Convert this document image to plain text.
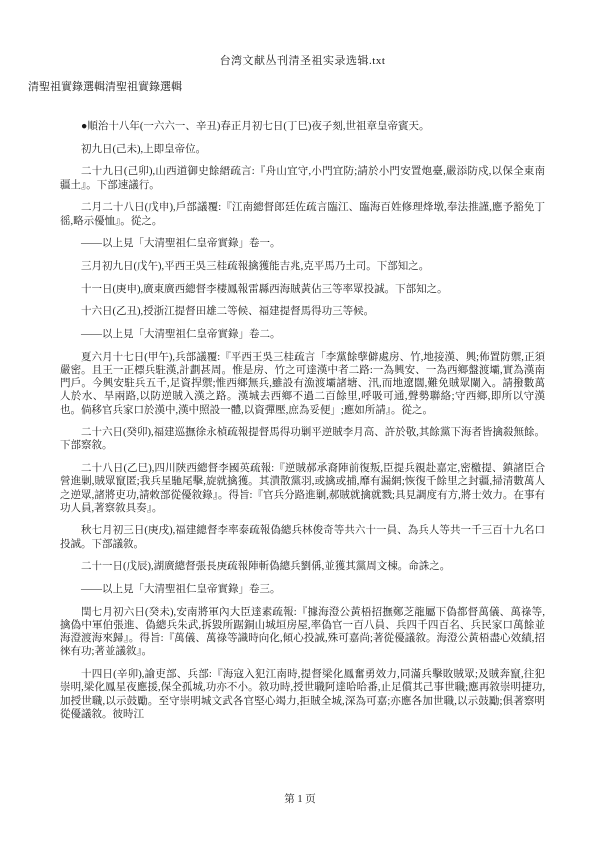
台湾文献丛刊清圣祖实录选辑.txt
清聖祖實錄選輯清聖祖實錄選輯

●順治十八年(一六六一、辛丑)春正月初七日(丁巳)夜子刻,世祖章皇帝賓天。

初九日(己未),上即皇帝位。

二十九日(己卯),山西道御史餘縉疏言:『舟山宜守,小門宜防;請於小門安置炮臺,嚴添防戍,以保全東南疆土』。下部速議行。

二月二十八日(戊申),戶部議覆:『江南總督郎廷佐疏言臨江、臨海百姓修理烽墩,奉法推謹,應予豁免丁徭,略示優恤』。從之。

——以上見「大清聖祖仁皇帝實錄」卷一。

三月初九日(戊午),平西王吳三桂疏報擒獲能吉兆,克平馬乃土司。下部知之。

十一日(庚申),廣東廣西總督李棲鳳報雷縣西海賊黃佔三等率眾投誠。下部知之。

十六日(乙丑),授浙江提督田雄二等候、福建提督馬得功三等候。

——以上見「大清聖祖仁皇帝實錄」卷二。

夏六月十七日(甲午),兵部議覆:『平西王吳三桂疏言「李黨餘孽僻處房、竹,地接漢、興;佈置防禦,正須嚴密。且王一正標兵駐漢,計劃甚周。惟是房、竹之可達漢中者二路:一為興安、一為西鄉盤渡壩,實為漢南門戶。今興安駐兵五千,足資捍禦;惟西鄉無兵,雖設有漁渡壩諸塘、汛,而地遼闊,難免賊眾闌入。請撥數萬人於水、旱兩路,以防逆賊入漢之路。漢城去西鄉不過二百餘里,呼吸可通,聲勢聯絡;守西鄉,即所以守漢也。倘移官兵家口於漢中,漢中照設一體,以資彈壓,庶為妥便」;應如所請』。從之。

二十六日(癸卯),福建巡撫徐永楨疏報提督馬得功剿平逆賊李月高、許於敬,其餘黨下海者皆擒殺無餘。下部察敘。

二十八日(乙巳),四川陝西總督李國英疏報:『逆賊郝承裔陣前復叛,臣提兵親赴嘉定,密檄提、鎮諸臣合營進剿,賊眾竄匿;我兵星馳尾擊,旋就擒獲。其潰散黨羽,或擒或捕,靡有漏網;恢復千餘里之封疆,掃清數萬人之逆眾,諸將吏功,請敕部從優敘錄』。得旨:『官兵分路進剿,郝賊就擒就戮;具見調度有方,將士效力。在事有功人員,著察敘具奏』。

秋七月初三日(庚戌),福建總督李率泰疏報偽總兵林俊奇等共六十一員、為兵人等共一千三百十九名口投誠。下部議敘。

二十一日(戊辰),湖廣總督張長庚疏報陣斬偽總兵劉偁,並獲其黨周文棟。命誅之。

——以上見「大清聖祖仁皇帝實錄」卷三。

閏七月初六日(癸未),安南將軍內大臣達素疏報:『據海澄公黃梧招撫鄭芝龍屬下偽都督萬儀、萬祿等,擒偽中軍伯張進、偽總兵朱武,拆毀所踞銅山城垣房屋,率偽官一百八員、兵四千四百名、兵民家口萬餘並海澄渡海來歸』。得旨:『萬儀、萬祿等識時向化,傾心投誠,殊可嘉尚;著從優議敘。海澄公黃梧盡心效績,招徠有功;著並議敘』。

十四日(辛卯),諭吏部、兵部:『海寇入犯江南時,提督梁化鳳奮勇效力,同滿兵擊敗賊眾;及賊奔竄,往犯崇明,梁化鳳星夜應援,保全孤城,功亦不小。敘功時,授世職阿達哈哈番,止足償其己事世職;應再敘崇明捷功,加授世職,以示鼓勵。至守崇明城文武各官堅心竭力,拒賊全城,深為可嘉;亦應各加世職,以示鼓勵;俱著察明從優議敘。彼時江

第 1 页
